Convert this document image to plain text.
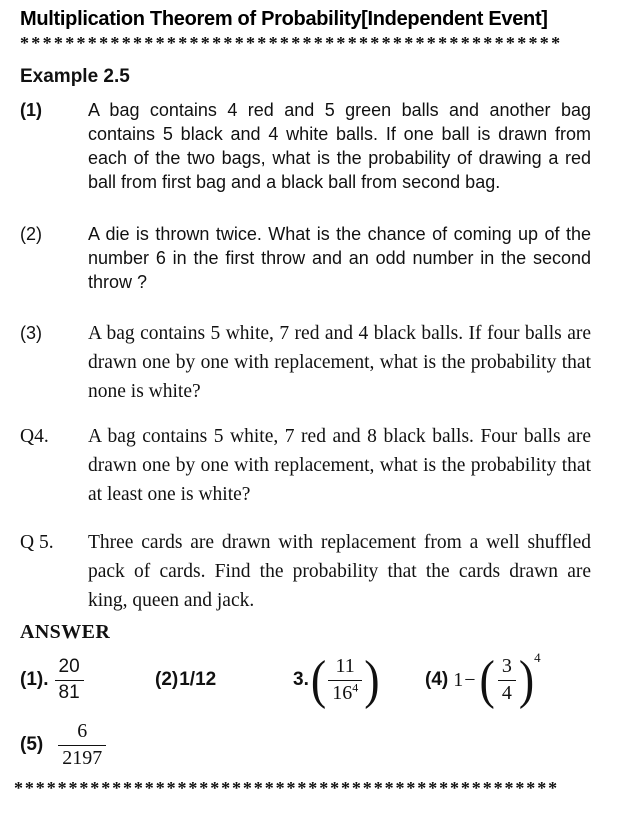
Multiplication Theorem of Probability[Independent Event]
************************************************
Example 2.5
(1)	A bag contains 4 red and 5 green balls and another bag contains 5 black and 4 white balls. If one ball is drawn from each of the two bags, what is the probability of drawing a red ball from first bag and a black ball from second bag.
(2)	A die is thrown twice. What is the chance of coming up of the number 6 in the first throw and an odd number in the second throw ?
(3)	A bag contains 5 white, 7 red and 4 black balls. If four balls are drawn one by one with replacement, what is the probability that none is white?
Q4.	A bag contains 5 white, 7 red and 8 black balls. Four balls are drawn one by one with replacement, what is the probability that at least one is white?
Q 5.	Three cards are drawn with replacement from a well shuffled pack of cards. Find the probability that the cards drawn are king, queen and jack.
ANSWER
(1). $\frac{20}{81}$	(2) 1/12	3. ( $\frac{11}{16^4}$ ) (4) 1− ( $\frac{3}{4}$ ) 4
$(5) \frac{6}{2197}$
**************************************************
